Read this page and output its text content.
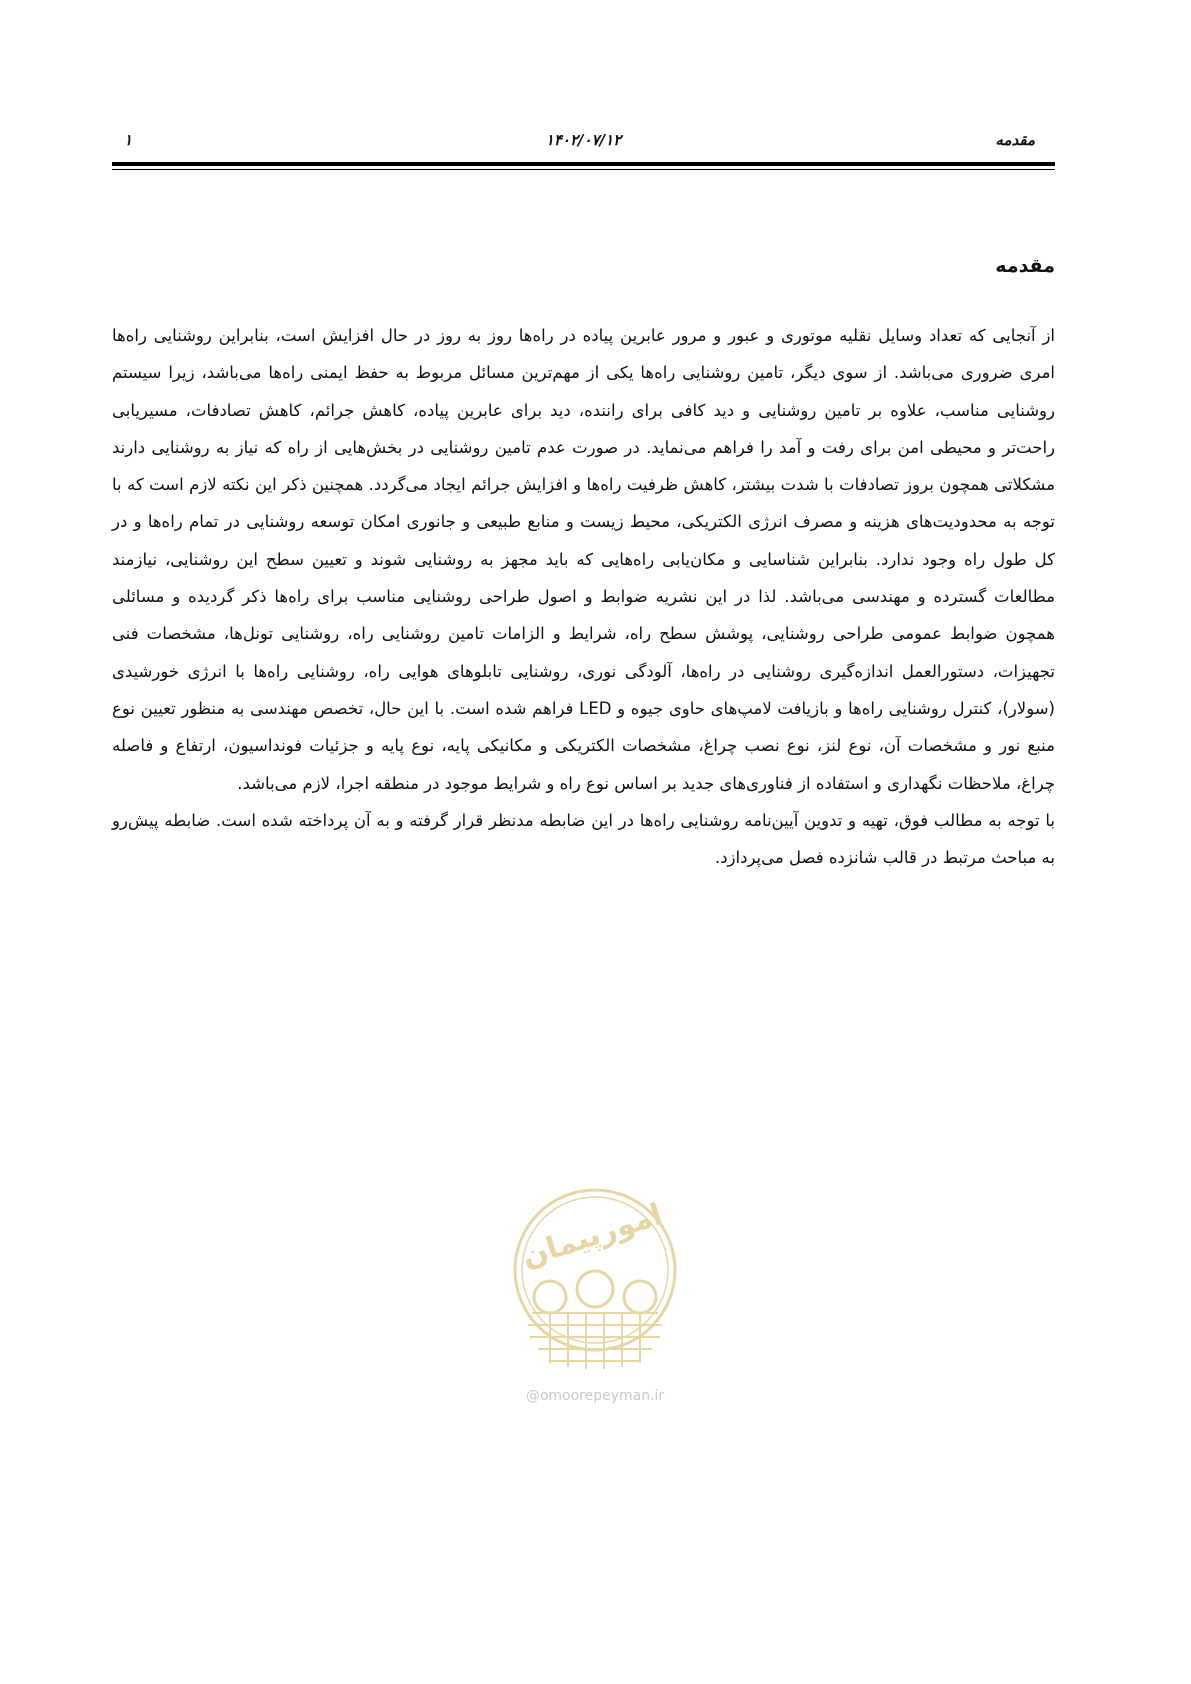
۱	۱۴۰۲/۰۷/۱۲	مقدمه
مقدمه

از آنجایی که تعداد وسایل نقلیه موتوری و عبور و مرور عابرین پیاده در راه‌ها روز به روز در حال افزایش است، بنابراین روشنایی راه‌ها امری ضروری می‌باشد. از سوی دیگر، تامین روشنایی راه‌ها یکی از مهم‌ترین مسائل مربوط به حفظ ایمنی راه‌ها می‌باشد، زیرا سیستم روشنایی مناسب، علاوه بر تامین روشنایی و دید کافی برای راننده، دید برای عابرین پیاده، کاهش جرائم، کاهش تصادفات، مسیریابی راحت‌تر و محیطی امن برای رفت و آمد را فراهم می‌نماید. در صورت عدم تامین روشنایی در بخش‌هایی از راه که نیاز به روشنایی دارند مشکلاتی همچون بروز تصادفات با شدت بیشتر، کاهش ظرفیت راه‌ها و افزایش جرائم ایجاد می‌گردد. همچنین ذکر این نکته لازم است که با توجه به محدودیت‌های هزینه و مصرف انرژی الکتریکی، محیط زیست و منابع طبیعی و جانوری امکان توسعه روشنایی در تمام راه‌ها و در کل طول راه وجود ندارد. بنابراین شناسایی و مکان‌یابی راه‌هایی که باید مجهز به روشنایی شوند و تعیین سطح این روشنایی، نیازمند مطالعات گسترده و مهندسی می‌باشد. لذا در این نشریه ضوابط و اصول طراحی روشنایی مناسب برای راه‌ها ذکر گردیده و مسائلی همچون ضوابط عمومی طراحی روشنایی، پوشش سطح راه، شرایط و الزامات تامین روشنایی راه، روشنایی تونل‌ها، مشخصات فنی تجهیزات، دستورالعمل اندازه‌گیری روشنایی در راه‌ها، آلودگی نوری، روشنایی تابلوهای هوایی راه، روشنایی راه‌ها با انرژی خورشیدی (سولار)، کنترل روشنایی راه‌ها و بازیافت لامپ‌های حاوی جیوه و LED فراهم شده است. با این حال، تخصص مهندسی به منظور تعیین نوع منبع نور و مشخصات آن، نوع لنز، نوع نصب چراغ، مشخصات الکتریکی و مکانیکی پایه، نوع پایه و جزئیات فونداسیون، ارتفاع و فاصله چراغ، ملاحظات نگهداری و استفاده از فناوری‌های جدید بر اساس نوع راه و شرایط موجود در منطقه اجرا، لازم می‌باشد.

با توجه به مطالب فوق، تهیه و تدوین آیین‌نامه روشنایی راه‌ها در این ضابطه مدنظر قرار گرفته و به آن پرداخته شده است. ضابطه پیش‌رو به مباحث مرتبط در قالب شانزده فصل می‌پردازد.

امورپیمان
@omoorepeyman.ir
